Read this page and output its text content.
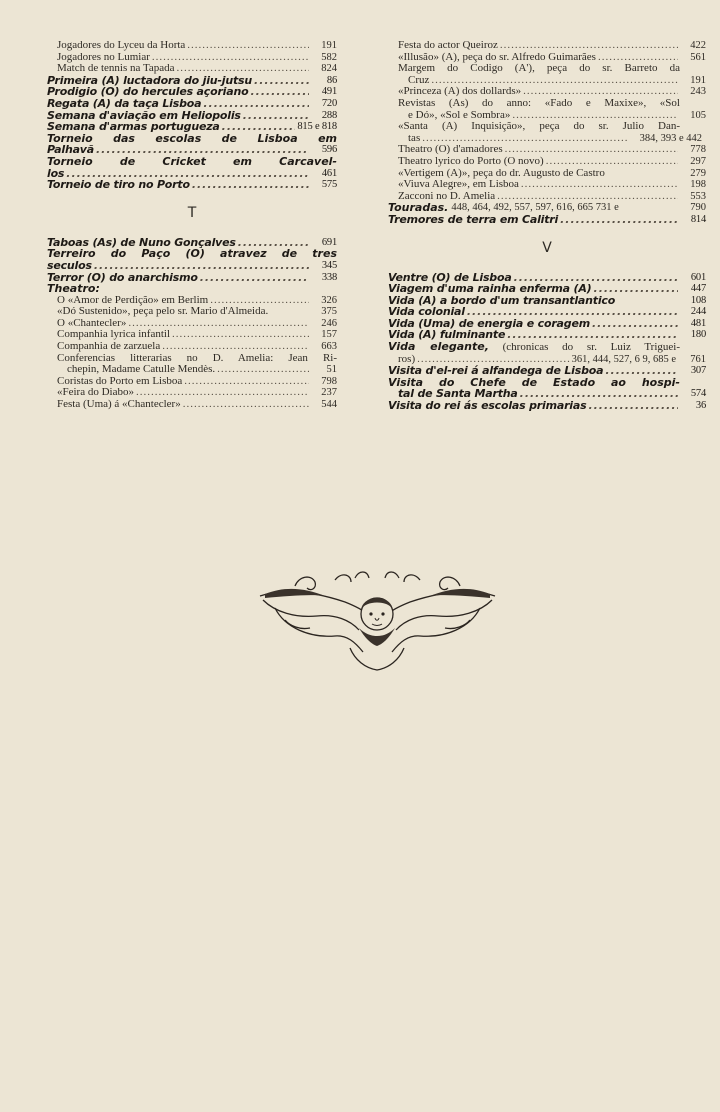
Jogadores do Lyceu da Horta .....	191
Jogadores no Lumiar .....	582
Match de tennis na Tapada .....	824
Primeira (A) luctadora do jiu-jutsu .....	86
Prodigio (O) do hercules açoriano .....	491
Regata (A) da taça Lisboa .....	720
Semana d'aviação em Heliopolis .....	288
Semana d'armas portugueza .....	815 e 818
Torneio das escolas de Lisboa em
Palhavã .....	596
Torneio de Cricket em Carcavel-
los .....	461
Torneio de tiro no Porto .....	575
T
Taboas (As) de Nuno Gonçalves .....	691
Terreiro do Paço (O) atravez de tres
seculos .....	345
Terror (O) do anarchismo .....	338
Theatro:
O «Amor de Perdição» em Berlim .....	326
«Dó Sustenido», peça pelo sr. Mario d'Almeida.	375
O «Chantecler» .....	246
Companhia lyrica infantil .....	157
Companhia de zarzuela .....	663
Conferencias litterarias no D. Amelia: Jean Ri-
chepin, Madame Catulle Mendès. .....	51
Coristas do Porto em Lisboa .....	798
«Feira do Diabo» .....	237
Festa (Uma) á «Chantecler» .....	544
Festa do actor Queiroz .....	422
«Illusão» (A), peça do sr. Alfredo Guimarães .....	561
Margem do Codigo (A'), peça do sr. Barreto da
Cruz .....	191
«Princeza (A) dos dollards» .....	243
Revistas (As) do anno: «Fado e Maxixe», «Sol
e Dó», «Sol e Sombra» .....	105
«Santa (A) Inquisição», peça do sr. Julio Dan-
tas .....	384, 393 e 442
Theatro (O) d'amadores .....	778
Theatro lyrico do Porto (O novo) .....	297
«Vertigem (A)», peça do dr. Augusto de Castro	279
«Viuva Alegre», em Lisboa .....	198
Zacconi no D. Amelia .....	553
Touradas. 448, 464, 492, 557, 597, 616, 665 731 e	790
Tremores de terra em Calitri .....	814
V
Ventre (O) de Lisboa .....	601
Viagem d'uma rainha enferma (A) .....	447
Vida (A) a bordo d'um transantlantico	108
Vida colonial .....	244
Vida (Uma) de energia e coragem .....	481
Vida (A) fulminante .....	180
Vida elegante, (chronicas do sr. Luiz Triguei-
ros) .....	361, 444, 527, 6 9, 685 e	761
Visita d'el-rei á alfandega de Lisboa .....	307
Visita do Chefe de Estado ao hospi-
tal de Santa Martha .....	574
Visita do rei ás escolas primarias .....	36
